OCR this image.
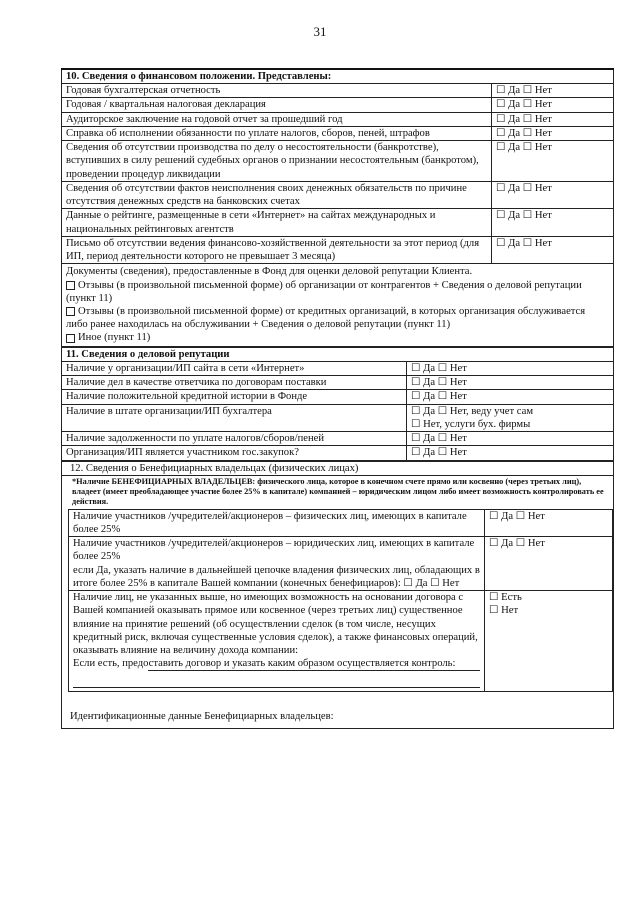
31
10. Сведения о финансовом положении. Представлены:	
Годовая бухгалтерская отчетность	☐ Да ☐ Нет
Годовая / квартальная налоговая декларация	☐ Да ☐ Нет
Аудиторское заключение на годовой отчет за прошедший год	☐ Да ☐ Нет
Справка об исполнении обязанности по уплате налогов, сборов, пеней, штрафов	☐ Да ☐ Нет
Сведения об отсутствии производства по делу о несостоятельности (банкротстве), вступивших в силу решений судебных органов о признании несостоятельным (банкротом), проведении процедур ликвидации	☐ Да ☐ Нет
Сведения об отсутствии фактов неисполнения своих денежных обязательств по причине отсутствия денежных средств на банковских счетах	☐ Да ☐ Нет
Данные о рейтинге, размещенные в сети «Интернет» на сайтах международных и национальных рейтинговых агентств	☐ Да ☐ Нет
Письмо об отсутствии ведения финансово-хозяйственной деятельности за этот период (для ИП, период деятельности которого не превышает 3 месяца)	☐ Да ☐ Нет
Документы (сведения), предоставленные в Фонд для оценки деловой репутации Клиента.
Отзывы (в произвольной письменной форме) об организации от контрагентов + Сведения о деловой репутации (пункт 11)
Отзывы (в произвольной письменной форме) от кредитных организаций, в которых организация обслуживается либо ранее находилась на обслуживании + Сведения о деловой репутации (пункт 11)
Иное (пункт 11)
11. Сведения о деловой репутации	
Наличие у организации/ИП сайта в сети «Интернет»	☐ Да ☐ Нет
Наличие дел в качестве ответчика по договорам поставки	☐ Да ☐ Нет
Наличие положительной кредитной истории в Фонде	☐ Да ☐ Нет
Наличие в штате организации/ИП бухгалтера	☐ Да ☐ Нет, веду учет сам
☐ Нет, услуги бух. фирмы
Наличие задолженности по уплате налогов/сборов/пеней	☐ Да ☐ Нет
Организация/ИП является участником гос.закупок?	☐ Да ☐ Нет
12. Сведения о Бенефициарных владельцах (физических лицах)
*Наличие БЕНЕФИЦИАРНЫХ ВЛАДЕЛЬЦЕВ: физического лица, которое в конечном счете прямо или косвенно (через третьих лиц), владеет (имеет преобладающее участие более 25% в капитале) компанией – юридическим лицом либо имеет возможность контролировать ее действия.
Наличие участников /учредителей/акционеров – физических лиц, имеющих в капитале более 25%	☐ Да ☐ Нет
Наличие участников /учредителей/акционеров – юридических лиц, имеющих в капитале более 25%
если Да, указать наличие в дальнейшей цепочке владения физических лиц, обладающих в итоге более 25% в капитале Вашей компании (конечных бенефициаров): ☐ Да ☐ Нет	☐ Да ☐ Нет

Наличие лиц, не указанных выше, но имеющих возможность на основании договора с Вашей компанией оказывать прямое или косвенное (через третьих лиц) существенное влияние на принятие решений (об осуществлении сделок (в том числе, несущих кредитный риск, включая существенные условия сделок), а также финансовых операций, оказывать влияние на величину дохода компании:
Если есть, предоставить договор и указать каким образом осуществляется контроль:	☐ Есть
☐ Нет
Идентификационные данные Бенефициарных владельцев:
